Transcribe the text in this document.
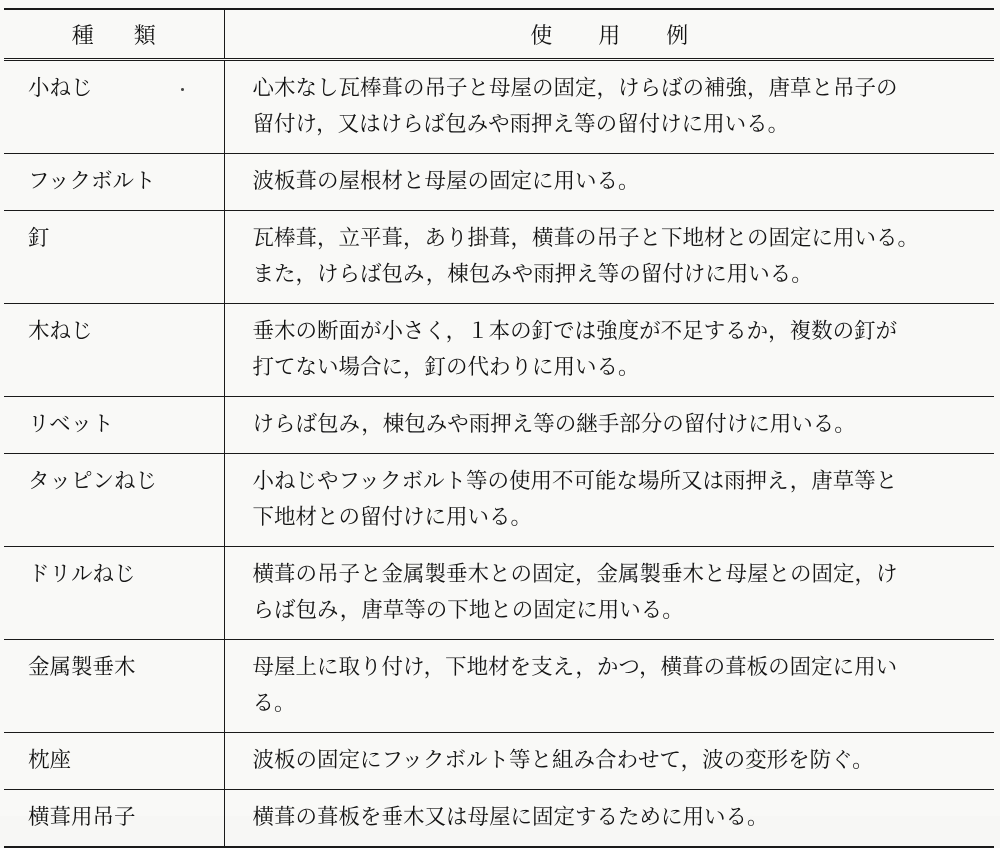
種 類	使 用 例
小ねじ	心木なし瓦棒葺の吊子と母屋の固定，けらばの補強，唐草と吊子の
留付け，又はけらば包みや雨押え等の留付けに用いる。
フックボルト	波板葺の屋根材と母屋の固定に用いる。
釘	瓦棒葺，立平葺，あり掛葺，横葺の吊子と下地材との固定に用いる。
また，けらば包み，棟包みや雨押え等の留付けに用いる。
木ねじ	垂木の断面が小さく，１本の釘では強度が不足するか，複数の釘が
打てない場合に，釘の代わりに用いる。
リベット	けらば包み，棟包みや雨押え等の継手部分の留付けに用いる。
タッピンねじ	小ねじやフックボルト等の使用不可能な場所又は雨押え，唐草等と
下地材との留付けに用いる。
ドリルねじ	横葺の吊子と金属製垂木との固定，金属製垂木と母屋との固定，け
らば包み，唐草等の下地との固定に用いる。
金属製垂木	母屋上に取り付け，下地材を支え，かつ，横葺の葺板の固定に用い
る。
枕座	波板の固定にフックボルト等と組み合わせて，波の変形を防ぐ。
横葺用吊子	横葺の葺板を垂木又は母屋に固定するために用いる。
